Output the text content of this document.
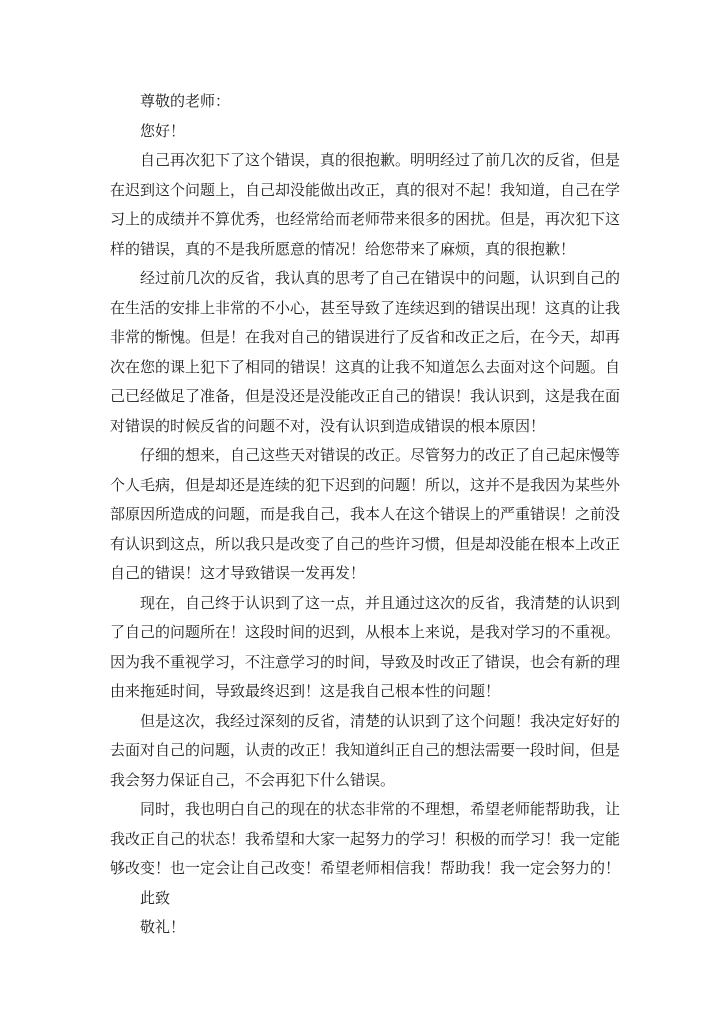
尊敬的老师：

您好！

自己再次犯下了这个错误，真的很抱歉。明明经过了前几次的反省，但是

在迟到这个问题上，自己却没能做出改正，真的很对不起！我知道，自己在学

习上的成绩并不算优秀，也经常给而老师带来很多的困扰。但是，再次犯下这

样的错误，真的不是我所愿意的情况！给您带来了麻烦，真的很抱歉！

经过前几次的反省，我认真的思考了自己在错误中的问题，认识到自己的

在生活的安排上非常的不小心，甚至导致了连续迟到的错误出现！这真的让我

非常的惭愧。但是！在我对自己的错误进行了反省和改正之后，在今天，却再

次在您的课上犯下了相同的错误！这真的让我不知道怎么去面对这个问题。自

己已经做足了准备，但是没还是没能改正自己的错误！我认识到，这是我在面

对错误的时候反省的问题不对，没有认识到造成错误的根本原因！

仔细的想来，自己这些天对错误的改正。尽管努力的改正了自己起床慢等

个人毛病，但是却还是连续的犯下迟到的问题！所以，这并不是我因为某些外

部原因所造成的问题，而是我自己，我本人在这个错误上的严重错误！之前没

有认识到这点，所以我只是改变了自己的些许习惯，但是却没能在根本上改正

自己的错误！这才导致错误一发再发！

现在，自己终于认识到了这一点，并且通过这次的反省，我清楚的认识到

了自己的问题所在！这段时间的迟到，从根本上来说，是我对学习的不重视。

因为我不重视学习，不注意学习的时间，导致及时改正了错误，也会有新的理

由来拖延时间，导致最终迟到！这是我自己根本性的问题！

但是这次，我经过深刻的反省，清楚的认识到了这个问题！我决定好好的

去面对自己的问题，认责的改正！我知道纠正自己的想法需要一段时间，但是

我会努力保证自己，不会再犯下什么错误。

同时，我也明白自己的现在的状态非常的不理想，希望老师能帮助我，让

我改正自己的状态！我希望和大家一起努力的学习！积极的而学习！我一定能

够改变！也一定会让自己改变！希望老师相信我！帮助我！我一定会努力的！

此致

敬礼！
